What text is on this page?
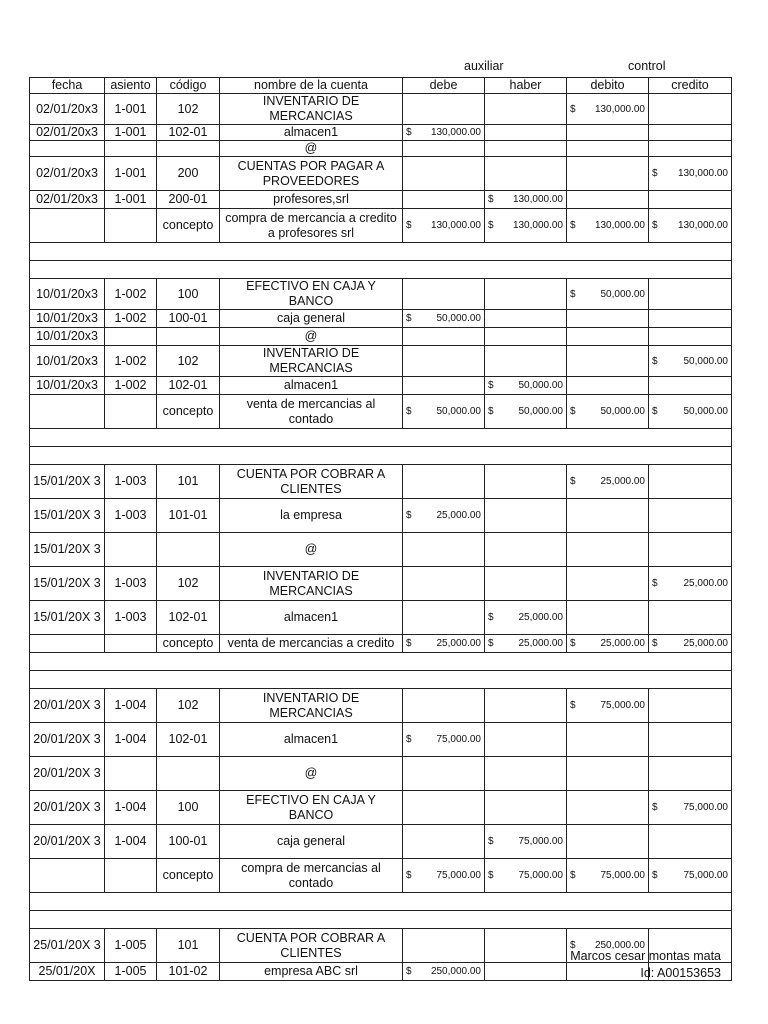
auxiliar	control
fecha	asiento	código	nombre de la cuenta	debe	haber	debito	credito
02/01/20x3	1-001	102	INVENTARIO DE MERCANCIAS			$ 130,000.00	

02/01/20x3	1-001	102-01	almacen1	$ 130,000.00			

			@				
02/01/20x3	1-001	200	CUENTAS POR PAGAR A PROVEEDORES				$ 130,000.00

02/01/20x3	1-001	200-01	profesores,srl		$ 130,000.00		

		concepto	compra de mercancia a credito a profesores srl	$ 130,000.00	$ 130,000.00	$ 130,000.00	$ 130,000.00

10/01/20x3	1-002	100	EFECTIVO EN CAJA Y BANCO			$ 50,000.00	

10/01/20x3	1-002	100-01	caja general	$ 50,000.00			

10/01/20x3			@				
10/01/20x3	1-002	102	INVENTARIO DE MERCANCIAS				$ 50,000.00

10/01/20x3	1-002	102-01	almacen1		$ 50,000.00		

		concepto	venta de mercancias al contado	$ 50,000.00	$ 50,000.00	$ 50,000.00	$ 50,000.00

15/01/20X 3	1-003	101	CUENTA POR COBRAR A CLIENTES			$ 25,000.00	

15/01/20X 3	1-003	101-01	la empresa	$ 25,000.00			

15/01/20X 3			@				
15/01/20X 3	1-003	102	INVENTARIO DE MERCANCIAS				$ 25,000.00

15/01/20X 3	1-003	102-01	almacen1		$ 25,000.00		

		concepto	venta de mercancias a credito	$ 25,000.00	$ 25,000.00	$ 25,000.00	$ 25,000.00

20/01/20X 3	1-004	102	INVENTARIO DE MERCANCIAS			$ 75,000.00	

20/01/20X 3	1-004	102-01	almacen1	$ 75,000.00			

20/01/20X 3			@				
20/01/20X 3	1-004	100	EFECTIVO EN CAJA Y BANCO				$ 75,000.00

20/01/20X 3	1-004	100-01	caja general		$ 75,000.00		

		concepto	compra de mercancias al contado	$ 75,000.00	$ 75,000.00	$ 75,000.00	$ 75,000.00

25/01/20X 3	1-005	101	CUENTA POR COBRAR A CLIENTES			$ 250,000.00	

25/01/20X	1-005	101-02	empresa ABC srl	$ 250,000.00			

Marcos cesar montas mata
Id: A00153653
